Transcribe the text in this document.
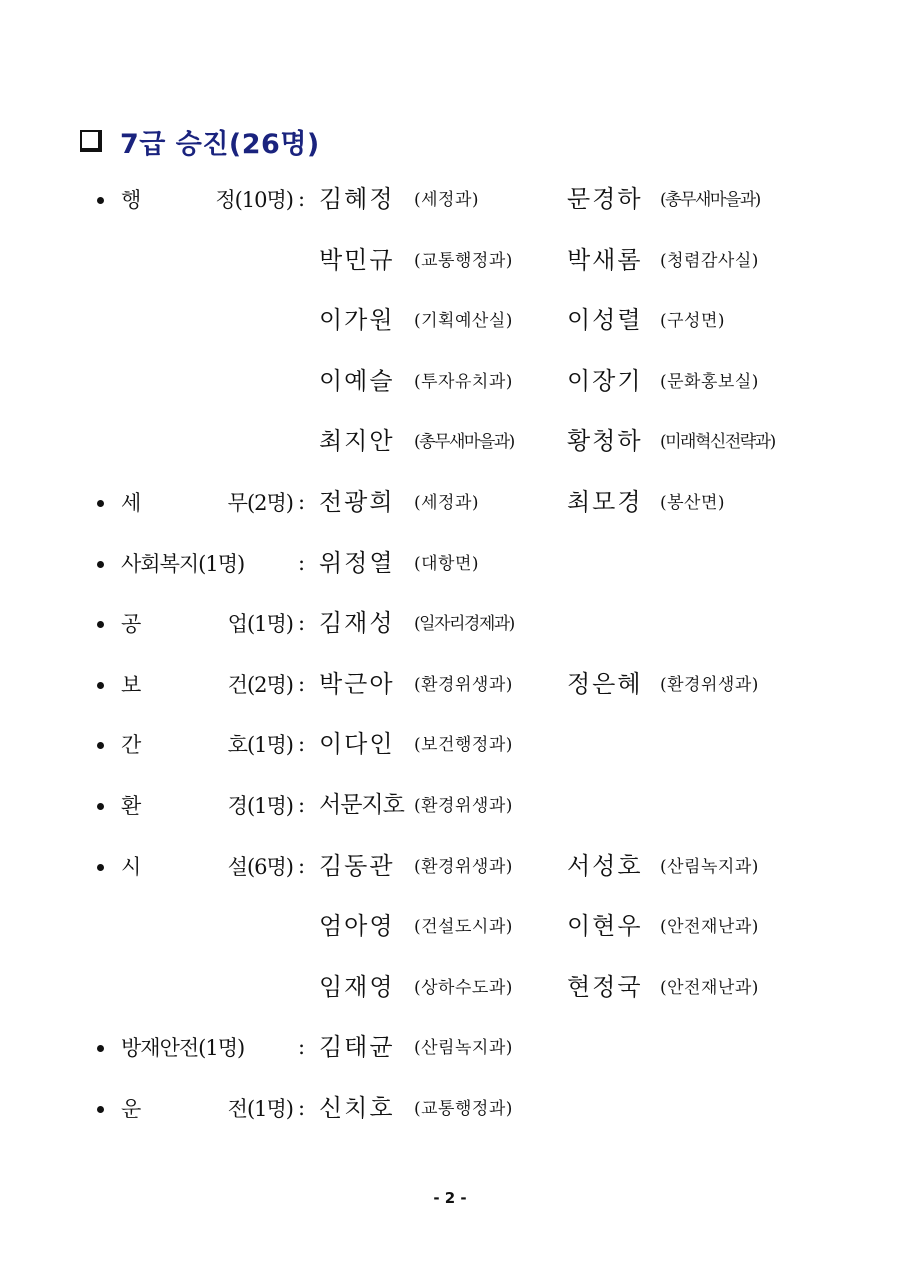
7급 승진(26명)
행	정(10명) : 김혜정 (세정과)	문경하 (총무새마을과)
박민규 (교통행정과) 박새롬 (청렴감사실)
이가원 (기획예산실) 이성렬 (구성면)
이예슬 (투자유치과) 이장기 (문화홍보실)
최지안 (총무새마을과) 황청하 (미래혁신전략과)
세	무(2명) : 전광희 (세정과)	최모경 (봉산면)
사회복지(1명)	: 위정열 (대항면)
공	업(1명) : 김재성 (일자리경제과)
보	건(2명) : 박근아 (환경위생과) 정은혜 (환경위생과)
간	호(1명) : 이다인 (보건행정과)
환	경(1명) : 서문지호 (환경위생과)
시	설(6명) : 김동관 (환경위생과) 서성호 (산림녹지과)
엄아영 (건설도시과) 이현우 (안전재난과)
임재영 (상하수도과) 현정국 (안전재난과)
방재안전(1명)	: 김태균 (산림녹지과)
운	전(1명) : 신치호 (교통행정과)
- 2 -
